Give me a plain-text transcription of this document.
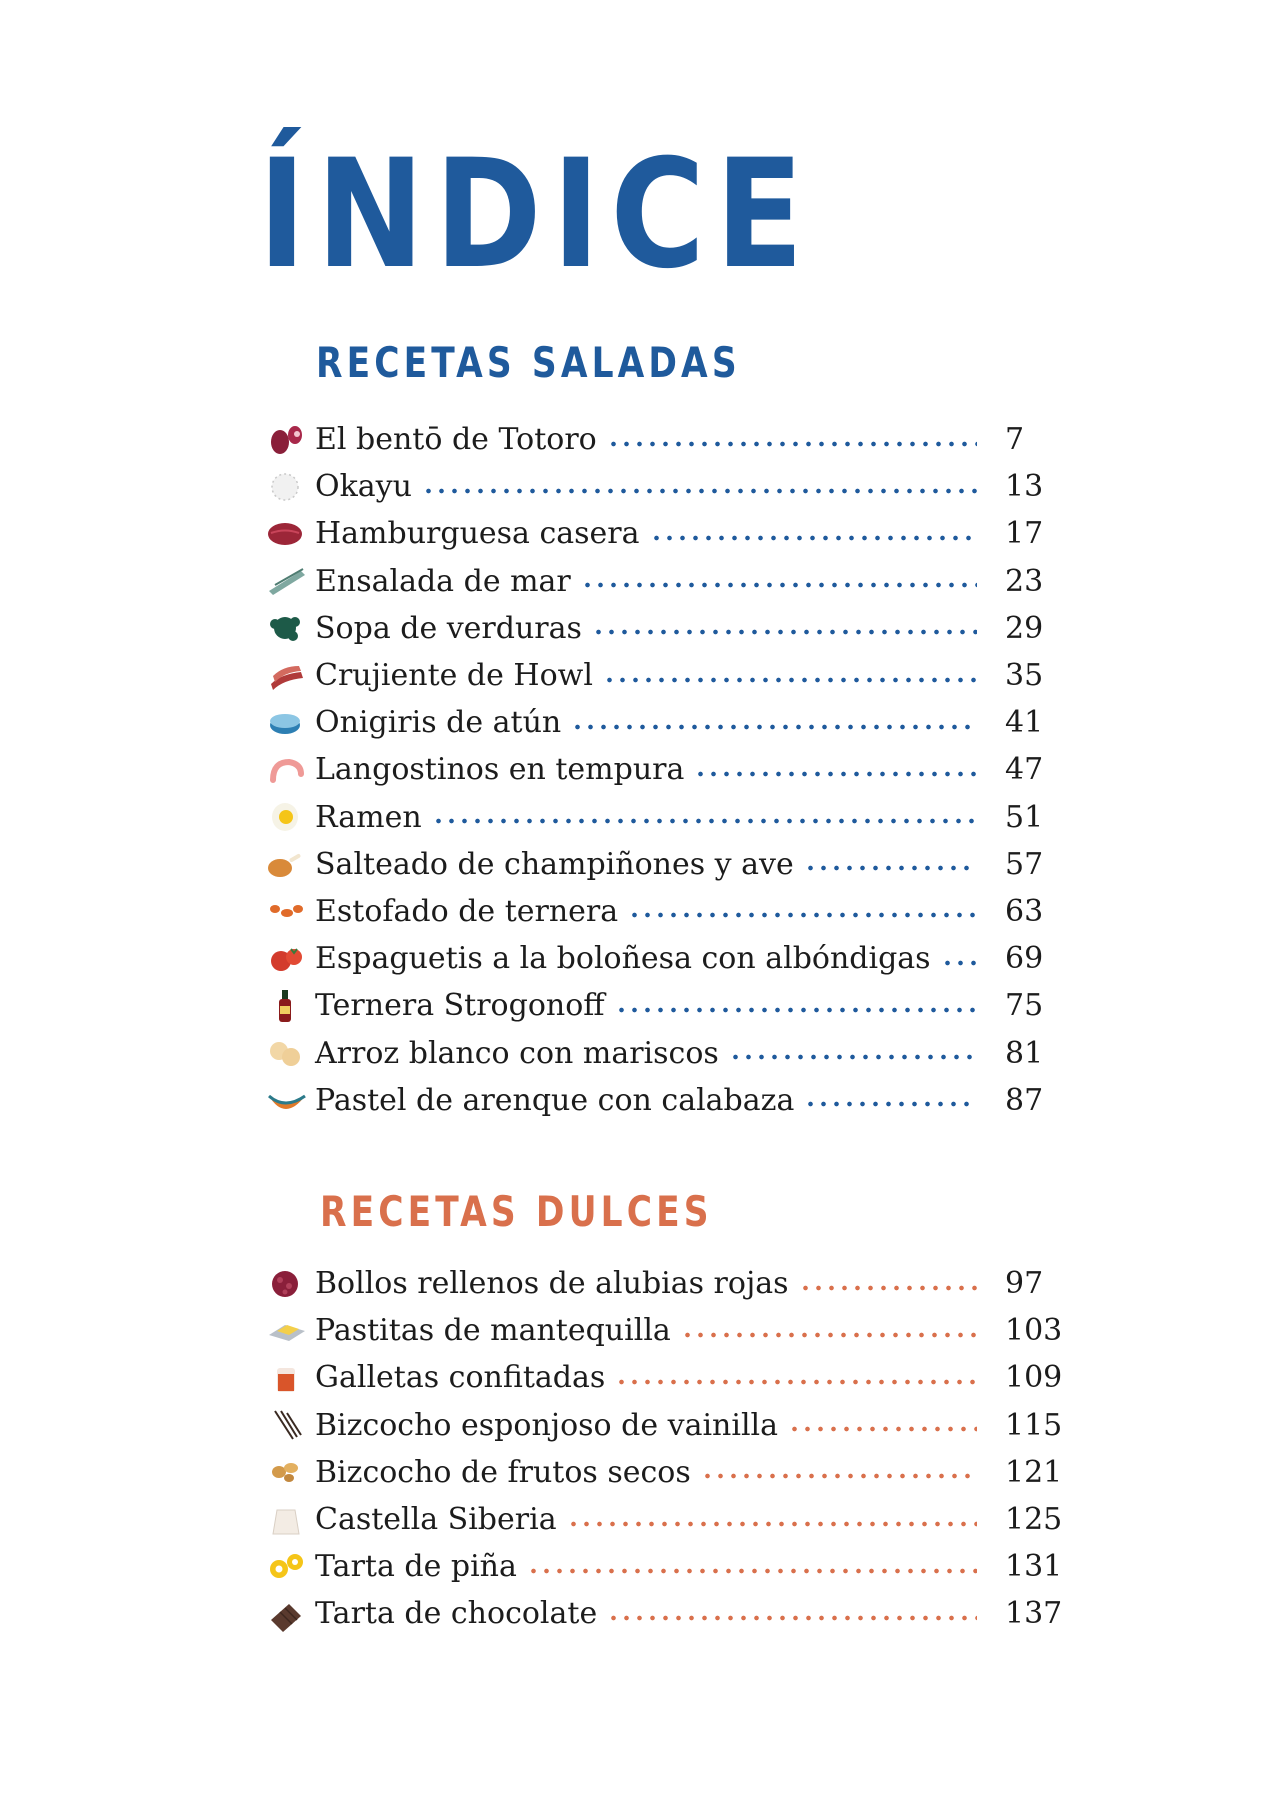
ÍNDICE
RECETAS SALADAS
El bentō de Totoro	7
Okayu	13
Hamburguesa casera	17
Ensalada de mar	23
Sopa de verduras	29
Crujiente de Howl	35
Onigiris de atún	41
Langostinos en tempura	47
Ramen	51
Salteado de champiñones y ave	57
Estofado de ternera	63
Espaguetis a la boloñesa con albóndigas	69
Ternera Strogonoff	75
Arroz blanco con mariscos	81
Pastel de arenque con calabaza	87
RECETAS DULCES
Bollos rellenos de alubias rojas	97
Pastitas de mantequilla	103
Galletas confitadas	109
Bizcocho esponjoso de vainilla	115
Bizcocho de frutos secos	121
Castella Siberia	125
Tarta de piña	131
Tarta de chocolate	137
